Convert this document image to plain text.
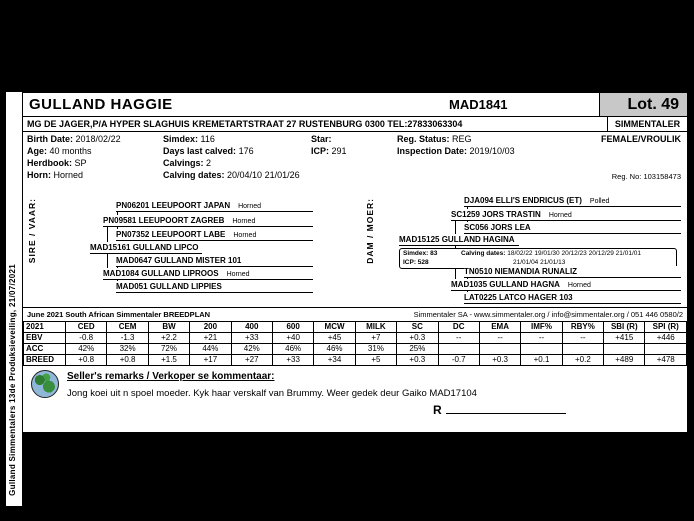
Gulland Simmentalers 13de Produksieveiling, 21/07/2021
GULLAND HAGGIE	MAD1841	Lot. 49
MG DE JAGER,P/A HYPER SLAGHUIS KREMETARTSTRAAT 27 RUSTENBURG 0300 TEL:27833063304	SIMMENTALER
Birth Date: 2018/02/22	Simdex: 116	Star:	Reg. Status: REG	FEMALE/VROULIK
Age: 40 months	Days last calved: 176	ICP: 291	Inspection Date: 2019/10/03
Herdbook: SP	Calvings: 2
Horn: Horned	Calving dates: 20/04/10 21/01/26	Reg. No: 103158473
SIRE / VAAR:	DAM / MOER:
PN06201 LEEUPOORT JAPAN Horned
PN09581 LEEUPOORT ZAGREB Horned
PN07352 LEEUPOORT LABE Horned
MAD15161 GULLAND LIPCO
MAD0647 GULLAND MISTER 101
MAD1084 GULLAND LIPROOS Horned
MAD051 GULLAND LIPPIES
DJA094 ELLI'S ENDRICUS (ET) Polled
SC1259 JORS TRASTIN Horned
SC056 JORS LEA
MAD15125 GULLAND HAGINA
Simdex: 83	Calving dates: 18/02/22 19/01/30 20/12/23 20/12/29 21/01/01
ICP: 528	21/01/04 21/01/13
TN0510 NIEMANDIA RUNALIZ
MAD1035 GULLAND HAGNA Horned
LAT0225 LATCO HAGER 103
June 2021 South African Simmentaler BREEDPLAN	Simmentaler SA - www.simmentaler.org / info@simmentaler.org / 051 446 0580/2
2021	CED	CEM	BW	200	400	600	MCW	MILK	SC	DC	EMA	IMF%	RBY%	SBI (R)	SPI (R)
EBV	-0.8	-1.3	+2.2	+21	+33	+40	+45	+7	+0.3	--	--	--	--	+415	+446
ACC	42%	32%	72%	44%	42%	46%	46%	31%	25%						
BREED	+0.8	+0.8	+1.5	+17	+27	+33	+34	+5	+0.3	-0.7	+0.3	+0.1	+0.2	+489	+478
Seller's remarks / Verkoper se kommentaar:
Jong koei uit n spoel moeder. Kyk haar verskalf van Brummy. Weer gedek deur Gaiko MAD17104
R
